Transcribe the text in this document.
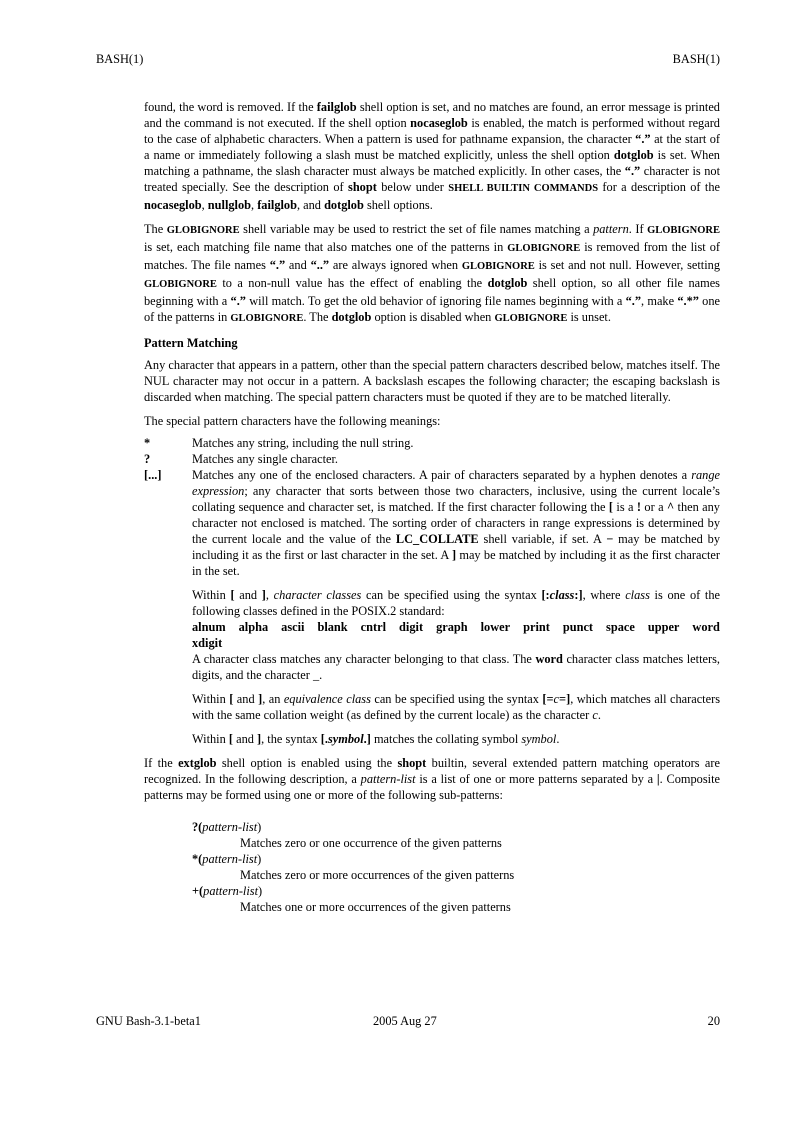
BASH(1)	BASH(1)

found, the word is removed. If the failglob shell option is set, and no matches are found, an error message is printed and the command is not executed. If the shell option nocaseglob is enabled, the match is performed without regard to the case of alphabetic characters. When a pattern is used for pathname expansion, the character “.” at the start of a name or immediately following a slash must be matched explicitly, unless the shell option dotglob is set. When matching a pathname, the slash character must always be matched explicitly. In other cases, the “.” character is not treated specially. See the description of shopt below under SHELL BUILTIN COMMANDS for a description of the nocaseglob, nullglob, failglob, and dotglob shell options.

The GLOBIGNORE shell variable may be used to restrict the set of file names matching a pattern. If GLOBIGNORE is set, each matching file name that also matches one of the patterns in GLOBIGNORE is removed from the list of matches. The file names “.” and “..” are always ignored when GLOBIGNORE is set and not null. However, setting GLOBIGNORE to a non-null value has the effect of enabling the dotglob shell option, so all other file names beginning with a “.” will match. To get the old behavior of ignoring file names beginning with a “.”, make “.*” one of the patterns in GLOBIGNORE. The dotglob option is disabled when GLOBIGNORE is unset.

Pattern Matching

Any character that appears in a pattern, other than the special pattern characters described below, matches itself. The NUL character may not occur in a pattern. A backslash escapes the following character; the escaping backslash is discarded when matching. The special pattern characters must be quoted if they are to be matched literally.

The special pattern characters have the following meanings:

*	Matches any string, including the null string.
?	Matches any single character.
[...] Matches any one of the enclosed characters. A pair of characters separated by a hyphen denotes a range expression; any character that sorts between those two characters, inclusive, using the current locale’s collating sequence and character set, is matched. If the first character following the [ is a ! or a ^ then any character not enclosed is matched. The sorting order of characters in range expressions is determined by the current locale and the value of the LC_COLLATE shell variable, if set. A − may be matched by including it as the first or last character in the set. A ] may be matched by including it as the first character in the set.

Within [ and ], character classes can be specified using the syntax [:class:], where class is one of the following classes defined in the POSIX.2 standard:
alnum alpha ascii blank cntrl digit graph lower print punct space upper word
xdigit
A character class matches any character belonging to that class. The word character class matches letters, digits, and the character _.

Within [ and ], an equivalence class can be specified using the syntax [=c=], which matches all characters with the same collation weight (as defined by the current locale) as the character c.

Within [ and ], the syntax [.symbol.] matches the collating symbol symbol.

If the extglob shell option is enabled using the shopt builtin, several extended pattern matching operators are recognized. In the following description, a pattern-list is a list of one or more patterns separated by a |. Composite patterns may be formed using one or more of the following sub-patterns:

?(pattern-list)
Matches zero or one occurrence of the given patterns
*(pattern-list)
Matches zero or more occurrences of the given patterns
+(pattern-list)
Matches one or more occurrences of the given patterns
GNU Bash-3.1-beta1	2005 Aug 27	20
